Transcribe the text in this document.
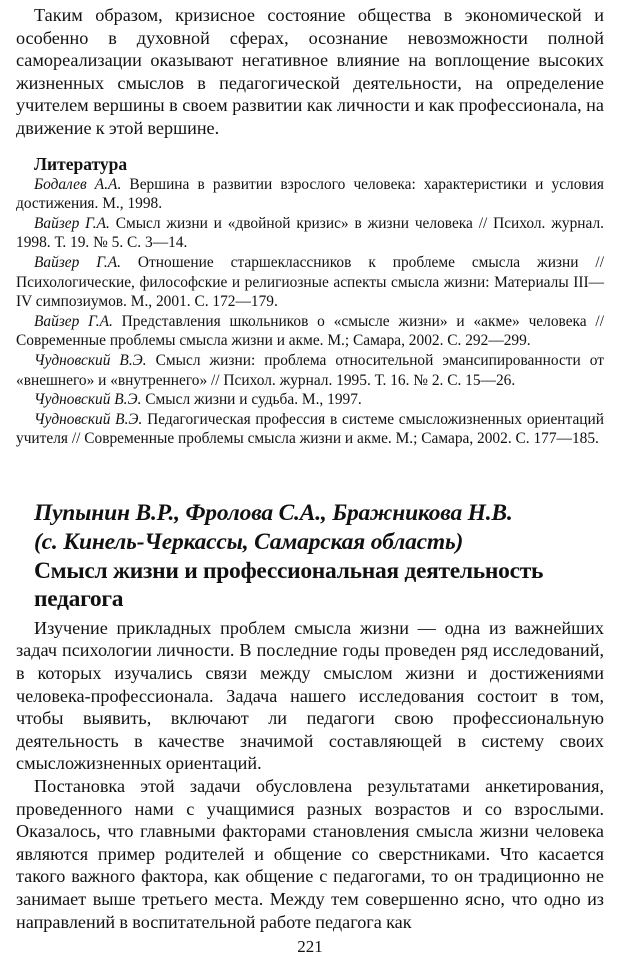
Таким образом, кризисное состояние общества в экономической и особенно в духовной сферах, осознание невозможности полной самореализации оказывают негативное влияние на воплощение высоких жизненных смыслов в педагогической деятельности, на определение учителем вершины в своем развитии как личности и как профессионала, на движение к этой вершине.

Литература

Бодалев А.А. Вершина в развитии взрослого человека: характеристики и условия достижения. М., 1998.

Вайзер Г.А. Смысл жизни и «двойной кризис» в жизни человека // Психол. журнал. 1998. Т. 19. № 5. С. 3—14.

Вайзер Г.А. Отношение старшеклассников к проблеме смысла жизни // Психологические, философские и религиозные аспекты смысла жизни: Материалы III—IV симпозиумов. М., 2001. С. 172—179.

Вайзер Г.А. Представления школьников о «смысле жизни» и «акме» человека // Современные проблемы смысла жизни и акме. М.; Самара, 2002. С. 292—299.

Чудновский В.Э. Смысл жизни: проблема относительной эмансипированности от «внешнего» и «внутреннего» // Психол. журнал. 1995. Т. 16. № 2. С. 15—26.

Чудновский В.Э. Смысл жизни и судьба. М., 1997.

Чудновский В.Э. Педагогическая профессия в системе смысложизненных ориентаций учителя // Современные проблемы смысла жизни и акме. М.; Самара, 2002. С. 177—185.

Пупынин В.Р., Фролова С.А., Бражникова Н.В.
(с. Кинель-Черкассы, Самарская область)
Смысл жизни и профессиональная деятельность педагога

Изучение прикладных проблем смысла жизни — одна из важнейших задач психологии личности. В последние годы проведен ряд исследований, в которых изучались связи между смыслом жизни и достижениями человека-профессионала. Задача нашего исследования состоит в том, чтобы выявить, включают ли педагоги свою профессиональную деятельность в качестве значимой составляющей в систему своих смысложизненных ориентаций.

Постановка этой задачи обусловлена результатами анкетирования, проведенного нами с учащимися разных возрастов и со взрослыми. Оказалось, что главными факторами становления смысла жизни человека являются пример родителей и общение со сверстниками. Что касается такого важного фактора, как общение с педагогами, то он традиционно не занимает выше третьего места. Между тем совершенно ясно, что одно из направлений в воспитательной работе педагога как

221
